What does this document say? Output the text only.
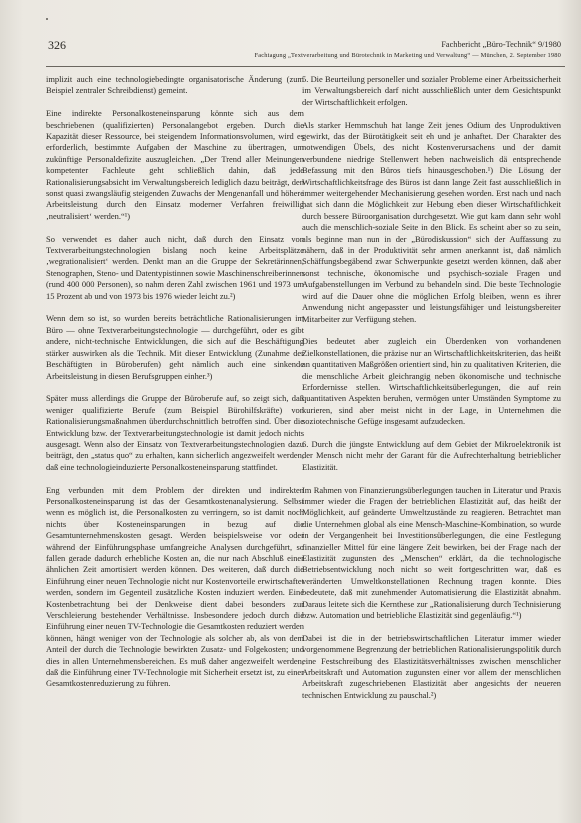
326	Fachbericht „Büro-Technik“ 9/1980
Fachtagung „Textverarbeitung und Bürotechnik in Marketing und Verwaltung“ — München, 2. September 1980

implizit auch eine technologiebedingte organisatorische Änderung (zum Beispiel zentraler Schreibdienst) gemeint.

Eine indirekte Personalkosteneinsparung könnte sich aus dem beschriebenen (qualifizierten) Personalangebot ergeben. Durch die Kapazität dieser Ressource, bei steigendem Informationsvolumen, wird es erforderlich, bestimmte Aufgaben der Maschine zu übertragen, um zukünftige Personaldefizite auszugleichen. „Der Trend aller Meinungen kompetenter Fachleute geht schließlich dahin, daß jede Rationalisierungsabsicht im Verwaltungsbereich lediglich dazu beiträgt, den sonst quasi zwangsläufig steigenden Zuwachs der Mengenanfall und höhere Arbeitsleistung durch den Einsatz moderner Verfahren freiwillig ‚neutralisiert‘ werden.“¹)

So verwendet es daher auch nicht, daß durch den Einsatz von Textverarbeitungstechnologien bislang noch keine Arbeitsplätze ‚wegrationalisiert‘ werden. Denkt man an die Gruppe der Sekretärinnen, Stenographen, Steno- und Datentypistinnen sowie Maschinenschreiberinnen (rund 400 000 Personen), so nahm deren Zahl zwischen 1961 und 1973 um 15 Prozent ab und von 1973 bis 1976 wieder leicht zu.²)

Wenn dem so ist, so wurden bereits beträchtliche Rationalisierungen im Büro — ohne Textverarbeitungstechnologie — durchgeführt, oder es gibt andere, nicht-technische Entwicklungen, die sich auf die Beschäftigung stärker auswirken als die Technik. Mit dieser Entwicklung (Zunahme der Beschäftigten in Büroberufen) geht nämlich auch eine sinkende Arbeitsleistung in diesen Berufsgruppen einher.³)

Später muss allerdings die Gruppe der Büroberufe auf, so zeigt sich, daß weniger qualifizierte Berufe (zum Beispiel Bürohilfskräfte) von Rationalisierungsmaßnahmen überdurchschnittlich betroffen sind. Über die Entwicklung bzw. der Textverarbeitungstechnologie ist damit jedoch nichts ausgesagt. Wenn also der Einsatz von Textverarbeitungstechnologien dazu beiträgt, den „status quo“ zu erhalten, kann sicherlich angezweifelt werden, daß eine technologieinduzierte Personalkosteneinsparung stattfindet.

Eng verbunden mit dem Problem der direkten und indirekten Personalkosteneinsparung ist das der Gesamtkostenanalysierung. Selbst wenn es möglich ist, die Personalkosten zu verringern, so ist damit noch nichts über Kosteneinsparungen in bezug auf die Gesamtunternehmenskosten gesagt. Werden beispielsweise vor oder während der Einführungsphase umfangreiche Analysen durchgeführt, so fallen gerade dadurch erhebliche Kosten an, die nur nach Abschluß einer ähnlichen Zeit amortisiert werden können. Des weiteren, daß durch die Einführung einer neuen Technologie nicht nur Kostenvorteile erwirtschaftet werden, sondern im Gegenteil zusätzliche Kosten induziert werden. Eine Kostenbetrachtung bei der Denkweise dient dabei besonders zur Verschleierung bestehender Verhältnisse. Insbesondere jedoch durch die Einführung einer neuen TV-Technologie die Gesamtkosten reduziert werden können, hängt weniger von der Technologie als solcher ab, als von dem Anteil der durch die Technologie bewirkten Zusatz- und Folgekosten; und dies in allen Unternehmensbereichen. Es muß daher angezweifelt werden, daß die Einführung einer TV-Technologie mit Sicherheit ersetzt ist, zu einer Gesamtkostenreduzierung zu führen.

5. Die Beurteilung personeller und sozialer Probleme einer Arbeitssicherheit im Verwaltungsbereich darf nicht ausschließlich unter dem Gesichtspunkt der Wirtschaftlichkeit erfolgen.

Als starker Hemmschuh hat lange Zeit jenes Odium des Unproduktiven gewirkt, das der Bürotätigkeit seit eh und je anhaftet. Der Charakter des notwendigen Übels, des nicht Kostenverursachens und der damit verbundene niedrige Stellenwert heben nachweislich dä entsprechende Befassung mit den Büros tiefs hinausgeschoben.¹) Die Lösung der Wirtschaftlichkeitsfrage des Büros ist dann lange Zeit fast ausschließlich in immer weitergehender Mechanisierung gesehen worden. Erst nach und nach hat sich dann die Möglichkeit zur Hebung eben dieser Wirtschaftlichkeit durch bessere Büroorganisation durchgesetzt. Wie gut kam dann sehr wohl auch die menschlich-soziale Seite in den Blick. Es scheint aber so zu sein, als beginne man nun in der „Bürodiskussion“ sich der Auffassung zu nähern, daß in der Produktivität sehr armen anerkannt ist, daß nämlich Schäffungsbegäbend zwar Schwerpunkte gesetzt werden können, daß aber sonst technische, ökonomische und psychisch-soziale Fragen und Aufgabenstellungen im Verbund zu behandeln sind. Die beste Technologie wird auf die Dauer ohne die möglichen Erfolg bleiben, wenn es ihrer Anwendung nicht angepasster und leistungsfähiger und leistungsbereiter Mitarbeiter zur Verfügung stehen.

Dies bedeutet aber zugleich ein Überdenken von vorhandenen Zielkonstellationen, die präzise nur an Wirtschaftlichkeitskriterien, das heißt an quantitativen Maßgrößen orientiert sind, hin zu qualitativen Kriterien, die die menschliche Arbeit gleichrangig neben ökonomische und technische Erfordernisse stellen. Wirtschaftlichkeitsüberlegungen, die auf rein quantitativen Aspekten beruhen, vermögen unter Umständen Symptome zu kurieren, sind aber meist nicht in der Lage, in Unternehmen die soziotechnische Gefüge insgesamt aufzudecken.

6. Durch die jüngste Entwicklung auf dem Gebiet der Mikroelektronik ist der Mensch nicht mehr der Garant für die Aufrechterhaltung betrieblicher Elastizität.

Im Rahmen von Finanzierungsüberlegungen tauchen in Literatur und Praxis immer wieder die Fragen der betrieblichen Elastizität auf, das heißt der Möglichkeit, auf geänderte Umweltzustände zu reagieren. Betrachtet man die Unternehmen global als eine Mensch-Maschine-Kombination, so wurde in der Vergangenheit bei Investitionsüberlegungen, die eine Festlegung finanzieller Mittel für eine längere Zeit bewirken, bei der Frage nach der Elastizität zugunsten des „Menschen“ erklärt, da die technologische Betriebsentwicklung noch nicht so weit fortgeschritten war, daß es veränderten Umweltkonstellationen Rechnung tragen konnte. Dies bedeutete, daß mit zunehmender Automatisierung die Elastizität abnahm. Daraus leitete sich die Kernthese zur „Rationalisierung durch Technisierung bzw. Automation und betriebliche Elastizität sind gegenläufig.“¹)

Dabei ist die in der betriebswirtschaftlichen Literatur immer wieder vorgenommene Begrenzung der betrieblichen Rationalisierungspolitik durch eine Festschreibung des Elastizitätsverhältnisses zwischen menschlicher Arbeitskraft und Automation zugunsten einer vor allem der menschlichen Arbeitskraft zugeschriebenen Elastizität aber angesichts der neueren technischen Entwicklung zu pauschal.²)
